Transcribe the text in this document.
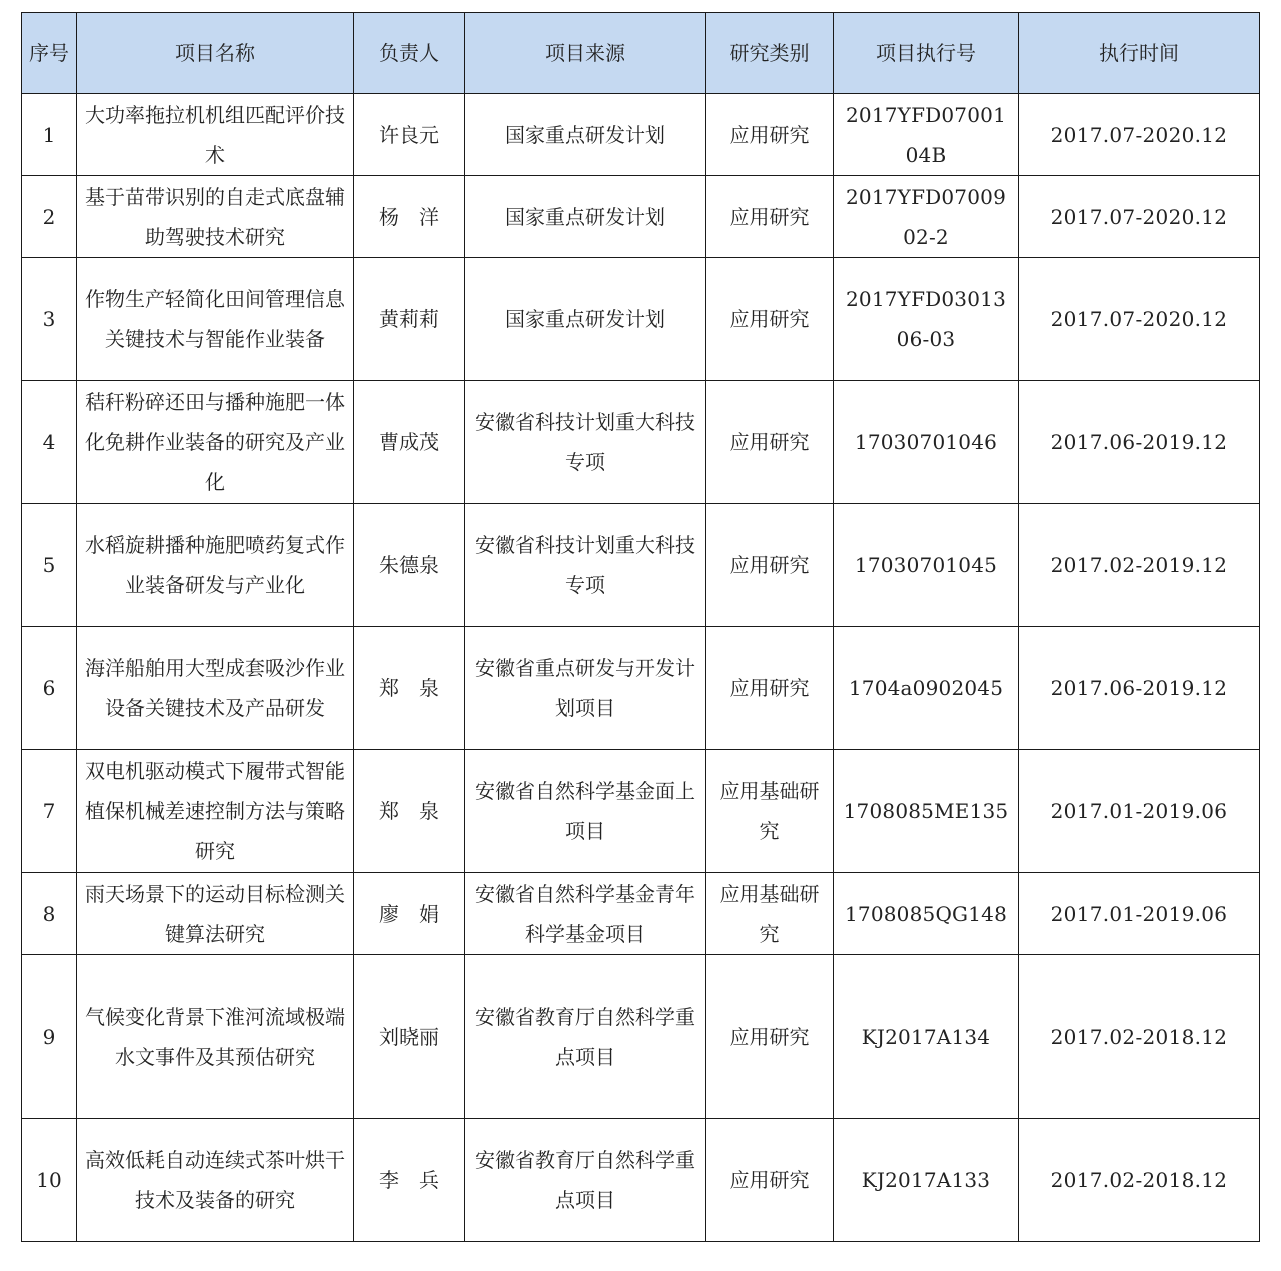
序号	项目名称	负责人	项目来源	研究类别	项目执行号	执行时间
1	大功率拖拉机机组匹配评价技术	许良元	国家重点研发计划	应用研究	2017YFD0700104B	2017.07-2020.12
2	基于苗带识别的自走式底盘辅助驾驶技术研究	杨　洋	国家重点研发计划	应用研究	2017YFD0700902-2	2017.07-2020.12
3	作物生产轻简化田间管理信息关键技术与智能作业装备	黄莉莉	国家重点研发计划	应用研究	2017YFD0301306-03	2017.07-2020.12
4	秸秆粉碎还田与播种施肥一体化免耕作业装备的研究及产业化	曹成茂	安徽省科技计划重大科技专项	应用研究	17030701046	2017.06-2019.12
5	水稻旋耕播种施肥喷药复式作业装备研发与产业化	朱德泉	安徽省科技计划重大科技专项	应用研究	17030701045	2017.02-2019.12
6	海洋船舶用大型成套吸沙作业设备关键技术及产品研发	郑　泉	安徽省重点研发与开发计划项目	应用研究	1704a0902045	2017.06-2019.12
7	双电机驱动模式下履带式智能植保机械差速控制方法与策略研究	郑　泉	安徽省自然科学基金面上项目	应用基础研究	1708085ME135	2017.01-2019.06
8	雨天场景下的运动目标检测关键算法研究	廖　娟	安徽省自然科学基金青年科学基金项目	应用基础研究	1708085QG148	2017.01-2019.06
9	气候变化背景下淮河流域极端水文事件及其预估研究	刘晓丽	安徽省教育厅自然科学重点项目	应用研究	KJ2017A134	2017.02-2018.12
10	高效低耗自动连续式茶叶烘干技术及装备的研究	李　兵	安徽省教育厅自然科学重点项目	应用研究	KJ2017A133	2017.02-2018.12
